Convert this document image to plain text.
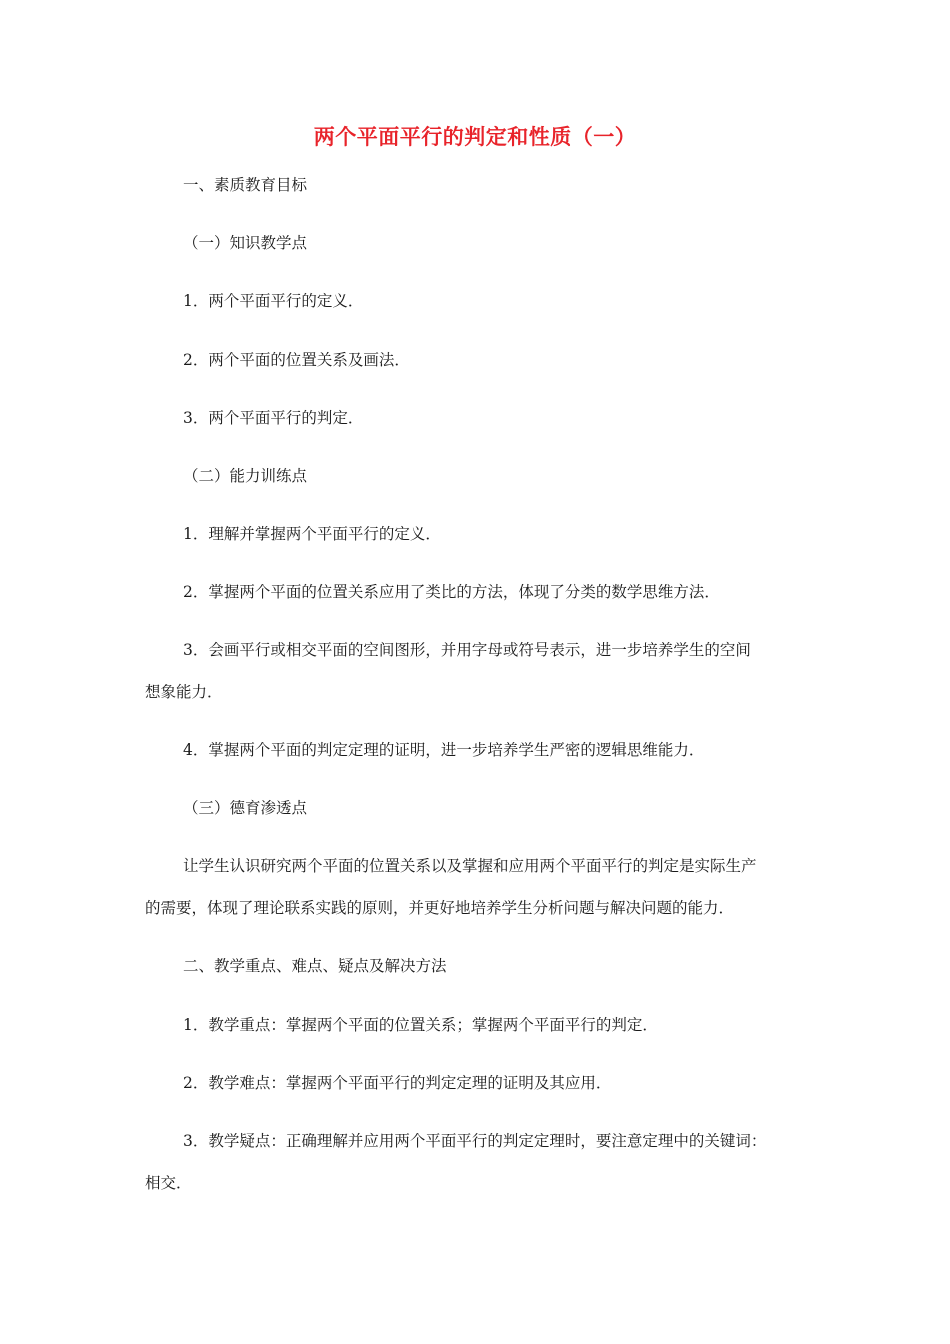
两个平面平行的判定和性质（一）
一、素质教育目标
（一）知识教学点
1．两个平面平行的定义．
2．两个平面的位置关系及画法．
3．两个平面平行的判定．
（二）能力训练点
1．理解并掌握两个平面平行的定义．
2．掌握两个平面的位置关系应用了类比的方法，体现了分类的数学思维方法．
3．会画平行或相交平面的空间图形，并用字母或符号表示，进一步培养学生的空间
想象能力．
4．掌握两个平面的判定定理的证明，进一步培养学生严密的逻辑思维能力．
（三）德育渗透点
让学生认识研究两个平面的位置关系以及掌握和应用两个平面平行的判定是实际生产
的需要，体现了理论联系实践的原则，并更好地培养学生分析问题与解决问题的能力．
二、教学重点、难点、疑点及解决方法
1．教学重点：掌握两个平面的位置关系；掌握两个平面平行的判定．
2．教学难点：掌握两个平面平行的判定定理的证明及其应用．
3．教学疑点：正确理解并应用两个平面平行的判定定理时，要注意定理中的关键词：
相交．
